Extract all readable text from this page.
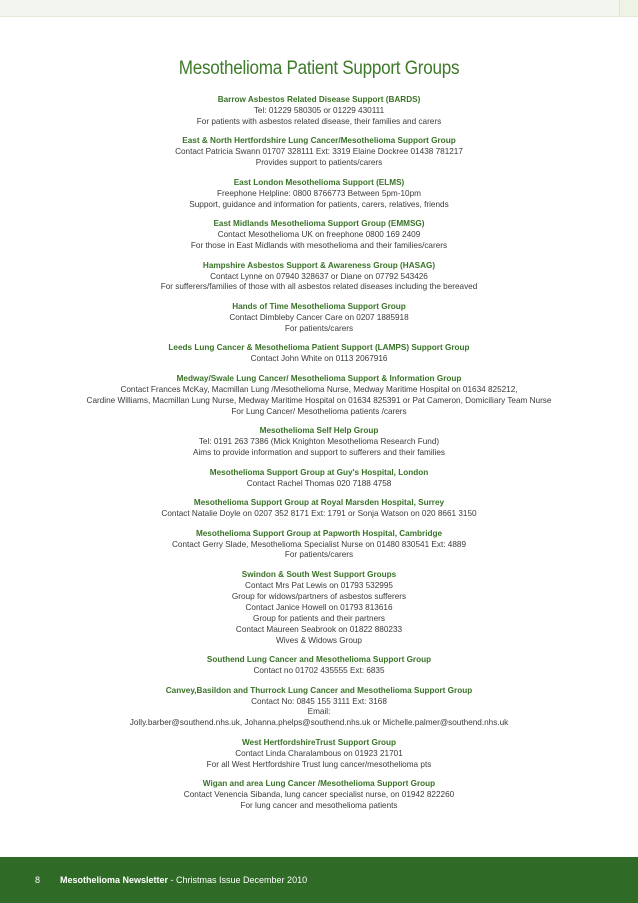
Mesothelioma Patient Support Groups
Barrow Asbestos Related Disease Support (BARDS)
Tel: 01229 580305 or 01229 430111
For patients with asbestos related disease, their families and carers
East & North Hertfordshire Lung Cancer/Mesothelioma Support Group
Contact Patricia Swann 01707 328111 Ext: 3319 Elaine Dockree 01438 781217
Provides support to patients/carers
East London Mesothelioma Support (ELMS)
Freephone Helpline: 0800 8766773 Between 5pm-10pm
Support, guidance and information for patients, carers, relatives, friends
East Midlands Mesothelioma Support Group (EMMSG)
Contact Mesothelioma UK on freephone 0800 169 2409
For those in East Midlands with mesothelioma and their families/carers
Hampshire Asbestos Support & Awareness Group (HASAG)
Contact Lynne on 07940 328637 or Diane on 07792 543426
For sufferers/families of those with all asbestos related diseases including the bereaved
Hands of Time Mesothelioma Support Group
Contact Dimbleby Cancer Care on 0207 1885918
For patients/carers
Leeds Lung Cancer & Mesothelioma Patient Support (LAMPS) Support Group
Contact John White on 0113 2067916
Medway/Swale Lung Cancer/ Mesothelioma Support & Information Group
Contact Frances McKay, Macmillan Lung /Mesothelioma Nurse, Medway Maritime Hospital on 01634 825212,
Cardine Williams, Macmillan Lung Nurse, Medway Maritime Hospital on 01634 825391 or Pat Cameron, Domiciliary Team Nurse
For Lung Cancer/ Mesothelioma patients /carers
Mesothelioma Self Help Group
Tel: 0191 263 7386 (Mick Knighton Mesothelioma Research Fund)
Aims to provide information and support to sufferers and their families
Mesothelioma Support Group at Guy's Hospital, London
Contact Rachel Thomas 020 7188 4758
Mesothelioma Support Group at Royal Marsden Hospital, Surrey
Contact Natalie Doyle on 0207 352 8171 Ext: 1791 or Sonja Watson on 020 8661 3150
Mesothelioma Support Group at Papworth Hospital, Cambridge
Contact Gerry Slade, Mesothelioma Specialist Nurse on 01480 830541 Ext: 4889
For patients/carers
Swindon & South West Support Groups
Contact Mrs Pat Lewis on 01793 532995
Group for widows/partners of asbestos sufferers
Contact Janice Howell on 01793 813616
Group for patients and their partners
Contact Maureen Seabrook on 01822 880233
Wives & Widows Group
Southend Lung Cancer and Mesothelioma Support Group
Contact no 01702 435555 Ext: 6835
Canvey,Basildon and Thurrock Lung Cancer and Mesothelioma Support Group
Contact No: 0845 155 3111 Ext: 3168
Email:
Jolly.barber@southend.nhs.uk, Johanna.phelps@southend.nhs.uk or Michelle.palmer@southend.nhs.uk
West HertfordshireTrust Support Group
Contact Linda Charalambous on 01923 21701
For all West Hertfordshire Trust lung cancer/mesothelioma pts
Wigan and area Lung Cancer /Mesothelioma Support Group
Contact Venencia Sibanda, lung cancer specialist nurse, on 01942 822260
For lung cancer and mesothelioma patients
8 Mesothelioma Newsletter - Christmas Issue December 2010
